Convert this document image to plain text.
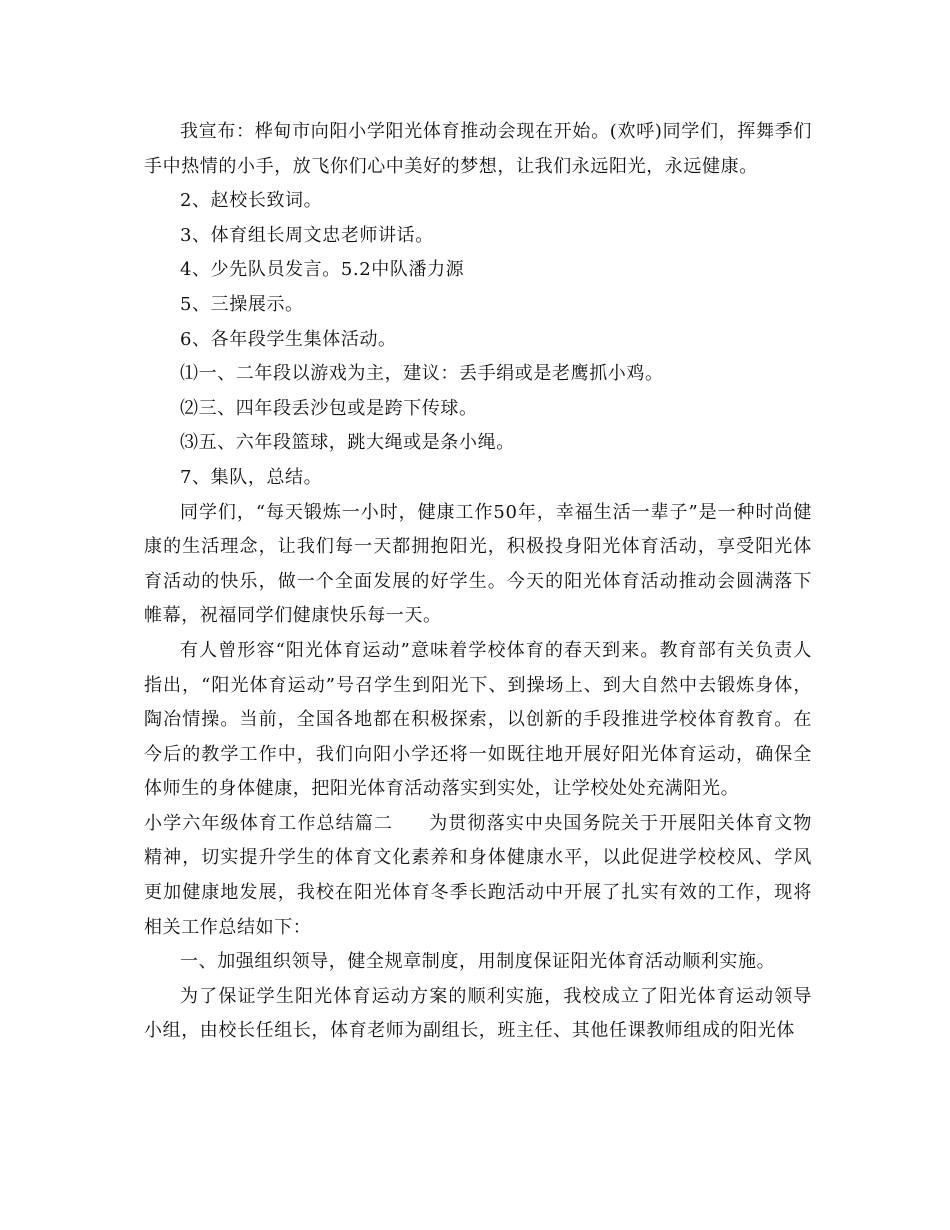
我宣布：桦甸市向阳小学阳光体育推动会现在开始。(欢呼)同学们，挥舞季们手中热情的小手，放飞你们心中美好的梦想，让我们永远阳光，永远健康。

2、赵校长致词。

3、体育组长周文忠老师讲话。

4、少先队员发言。5.2中队潘力源

5、三操展示。

6、各年段学生集体活动。

⑴一、二年段以游戏为主，建议：丢手绢或是老鹰抓小鸡。

⑵三、四年段丢沙包或是跨下传球。

⑶五、六年段篮球，跳大绳或是条小绳。

7、集队，总结。

同学们，“每天锻炼一小时，健康工作50年，幸福生活一辈子”是一种时尚健康的生活理念，让我们每一天都拥抱阳光，积极投身阳光体育活动，享受阳光体育活动的快乐，做一个全面发展的好学生。今天的阳光体育活动推动会圆满落下帷幕，祝福同学们健康快乐每一天。

有人曾形容“阳光体育运动”意味着学校体育的春天到来。教育部有关负责人指出，“阳光体育运动”号召学生到阳光下、到操场上、到大自然中去锻炼身体，陶冶情操。当前，全国各地都在积极探索，以创新的手段推进学校体育教育。在今后的教学工作中，我们向阳小学还将一如既往地开展好阳光体育运动，确保全体师生的身体健康，把阳光体育活动落实到实处，让学校处处充满阳光。

小学六年级体育工作总结篇二 为贯彻落实中央国务院关于开展阳关体育文物精神，切实提升学生的体育文化素养和身体健康水平，以此促进学校校风、学风更加健康地发展，我校在阳光体育冬季长跑活动中开展了扎实有效的工作，现将相关工作总结如下：

一、加强组织领导，健全规章制度，用制度保证阳光体育活动顺利实施。

为了保证学生阳光体育运动方案的顺利实施，我校成立了阳光体育运动领导小组，由校长任组长，体育老师为副组长，班主任、其他任课教师组成的阳光体
